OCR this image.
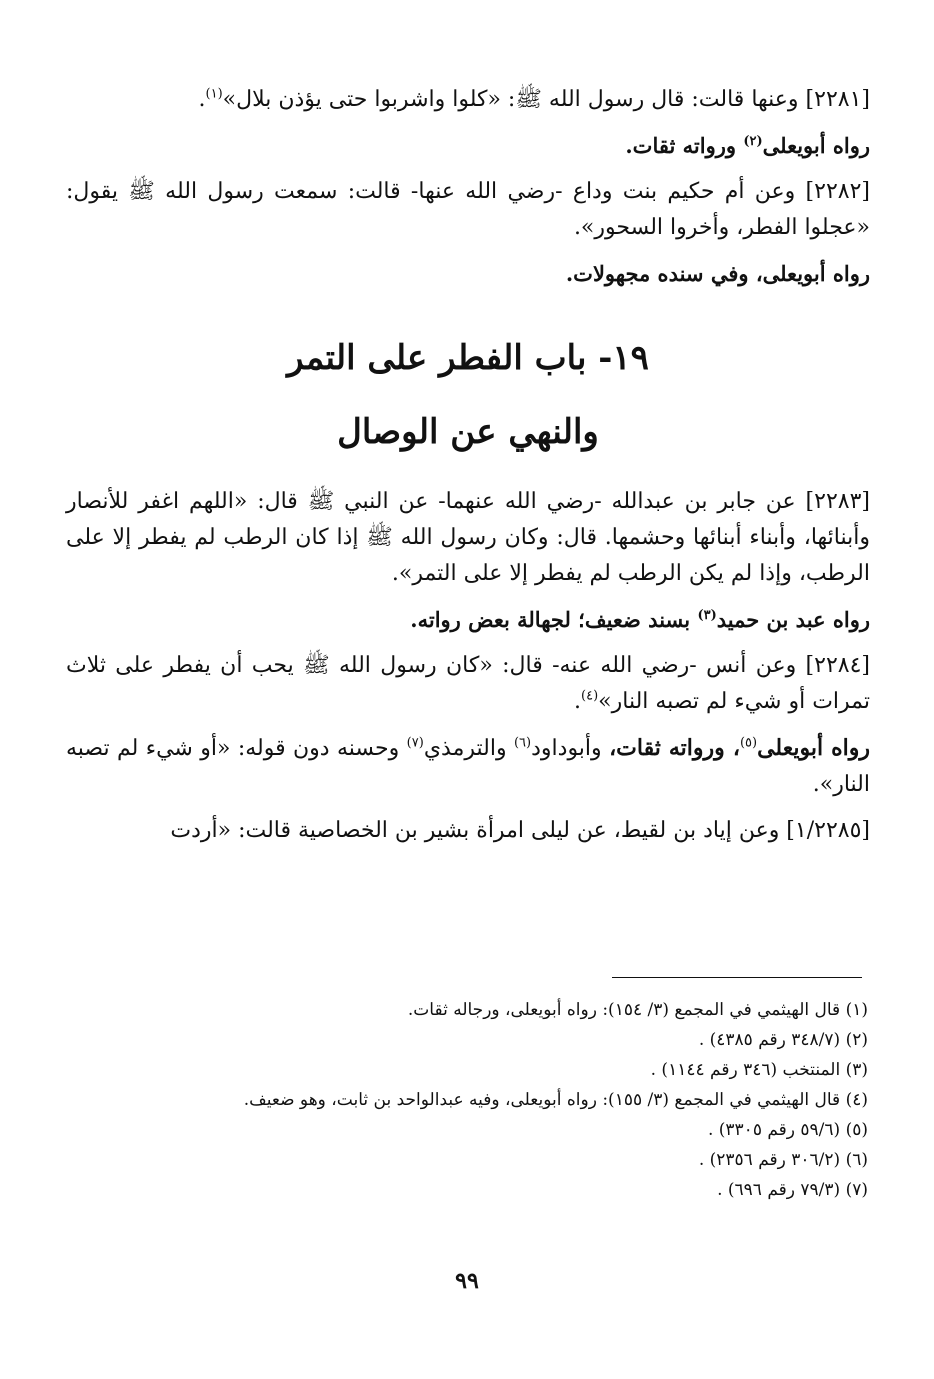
[٢٢٨١] وعنها قالت: قال رسول الله ﷺ: «كلوا واشربوا حتى يؤذن بلال»$^{(١)}$.

رواه أبويعلى$^{(٢)}$ ورواته ثقات.

[٢٢٨٢] وعن أم حكيم بنت وداع -رضي الله عنها- قالت: سمعت رسول الله ﷺ يقول: «عجلوا الفطر، وأخروا السحور».

رواه أبويعلى، وفي سنده مجهولات.

١٩- باب الفطر على التمر
والنهي عن الوصال

[٢٢٨٣] عن جابر بن عبدالله -رضي الله عنهما- عن النبي ﷺ قال: «اللهم اغفر للأنصار وأبنائها، وأبناء أبنائها وحشمها. قال: وكان رسول الله ﷺ إذا كان الرطب لم يفطر إلا على الرطب، وإذا لم يكن الرطب لم يفطر إلا على التمر».

رواه عبد بن حميد$^{(٣)}$ بسند ضعيف؛ لجهالة بعض رواته.

[٢٢٨٤] وعن أنس -رضي الله عنه- قال: «كان رسول الله ﷺ يحب أن يفطر على ثلاث تمرات أو شيء لم تصبه النار»$^{(٤)}$.

رواه أبويعلى$^{(٥)}$، ورواته ثقات، وأبوداود$^{(٦)}$ والترمذي$^{(٧)}$ وحسنه دون قوله: «أو شيء لم تصبه النار».

[١/٢٢٨٥] وعن إياد بن لقيط، عن ليلى امرأة بشير بن الخصاصية قالت: «أردت

(١) قال الهيثمي في المجمع (٣/ ١٥٤): رواه أبويعلى، ورجاله ثقات.
(٢) (٣٤٨/٧ رقم ٤٣٨٥) .
(٣) المنتخب (٣٤٦ رقم ١١٤٤) .
(٤) قال الهيثمي في المجمع (٣/ ١٥٥): رواه أبويعلى، وفيه عبدالواحد بن ثابت، وهو ضعيف.
(٥) (٥٩/٦ رقم ٣٣٠٥) .
(٦) (٣٠٦/٢ رقم ٢٣٥٦) .
(٧) (٧٩/٣ رقم ٦٩٦) .
٩٩
